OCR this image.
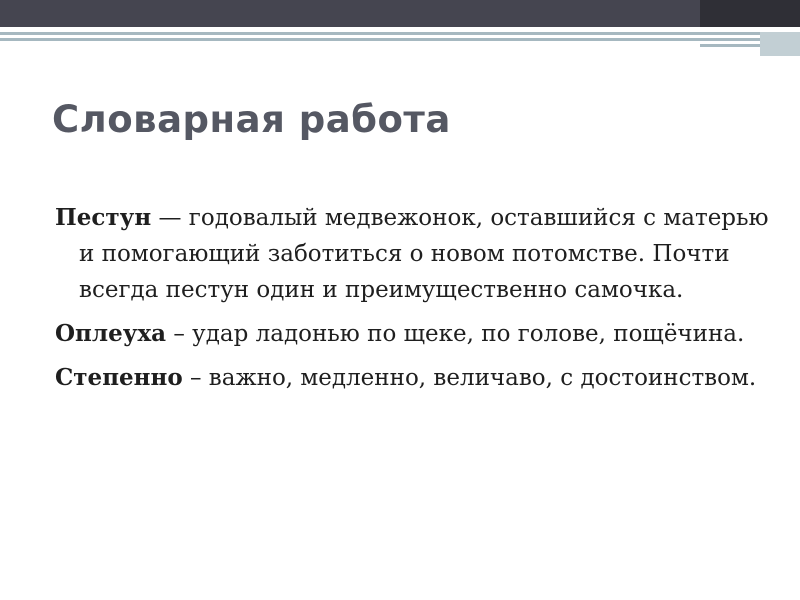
Словарная работа

Пестун — годовалый медвежонок, оставшийся с матерью и помогающий заботиться о новом потомстве. Почти всегда пестун один и преимущественно самочка.

Оплеуха – удар ладонью по щеке, по голове, пощёчина.

Степенно – важно, медленно, величаво, с достоинством.
